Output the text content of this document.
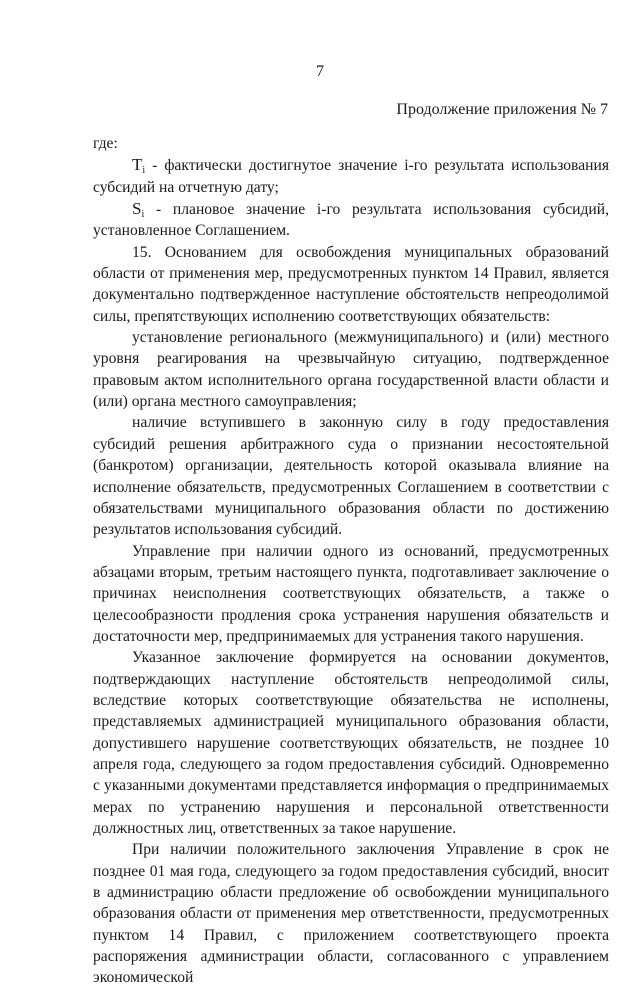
7
Продолжение приложения № 7

где:

$T_i$ - фактически достигнутое значение i-го результата использования субсидий на отчетную дату;

$S_i$ - плановое значение i-го результата использования субсидий, установленное Соглашением.

15. Основанием для освобождения муниципальных образований области от применения мер, предусмотренных пунктом 14 Правил, является документально подтвержденное наступление обстоятельств непреодолимой силы, препятствующих исполнению соответствующих обязательств:

установление регионального (межмуниципального) и (или) местного уровня реагирования на чрезвычайную ситуацию, подтвержденное правовым актом исполнительного органа государственной власти области и (или) органа местного самоуправления;

наличие вступившего в законную силу в году предоставления субсидий решения арбитражного суда о признании несостоятельной (банкротом) организации, деятельность которой оказывала влияние на исполнение обязательств, предусмотренных Соглашением в соответствии с обязательствами муниципального образования области по достижению результатов использования субсидий.

Управление при наличии одного из оснований, предусмотренных абзацами вторым, третьим настоящего пункта, подготавливает заключение о причинах неисполнения соответствующих обязательств, а также о целесообразности продления срока устранения нарушения обязательств и достаточности мер, предпринимаемых для устранения такого нарушения.

Указанное заключение формируется на основании документов, подтверждающих наступление обстоятельств непреодолимой силы, вследствие которых соответствующие обязательства не исполнены, представляемых администрацией муниципального образования области, допустившего нарушение соответствующих обязательств, не позднее 10 апреля года, следующего за годом предоставления субсидий. Одновременно с указанными документами представляется информация о предпринимаемых мерах по устранению нарушения и персональной ответственности должностных лиц, ответственных за такое нарушение.

При наличии положительного заключения Управление в срок не позднее 01 мая года, следующего за годом предоставления субсидий, вносит в администрацию области предложение об освобождении муниципального образования области от применения мер ответственности, предусмотренных пунктом 14 Правил, с приложением соответствующего проекта распоряжения администрации области, согласованного с управлением экономической
